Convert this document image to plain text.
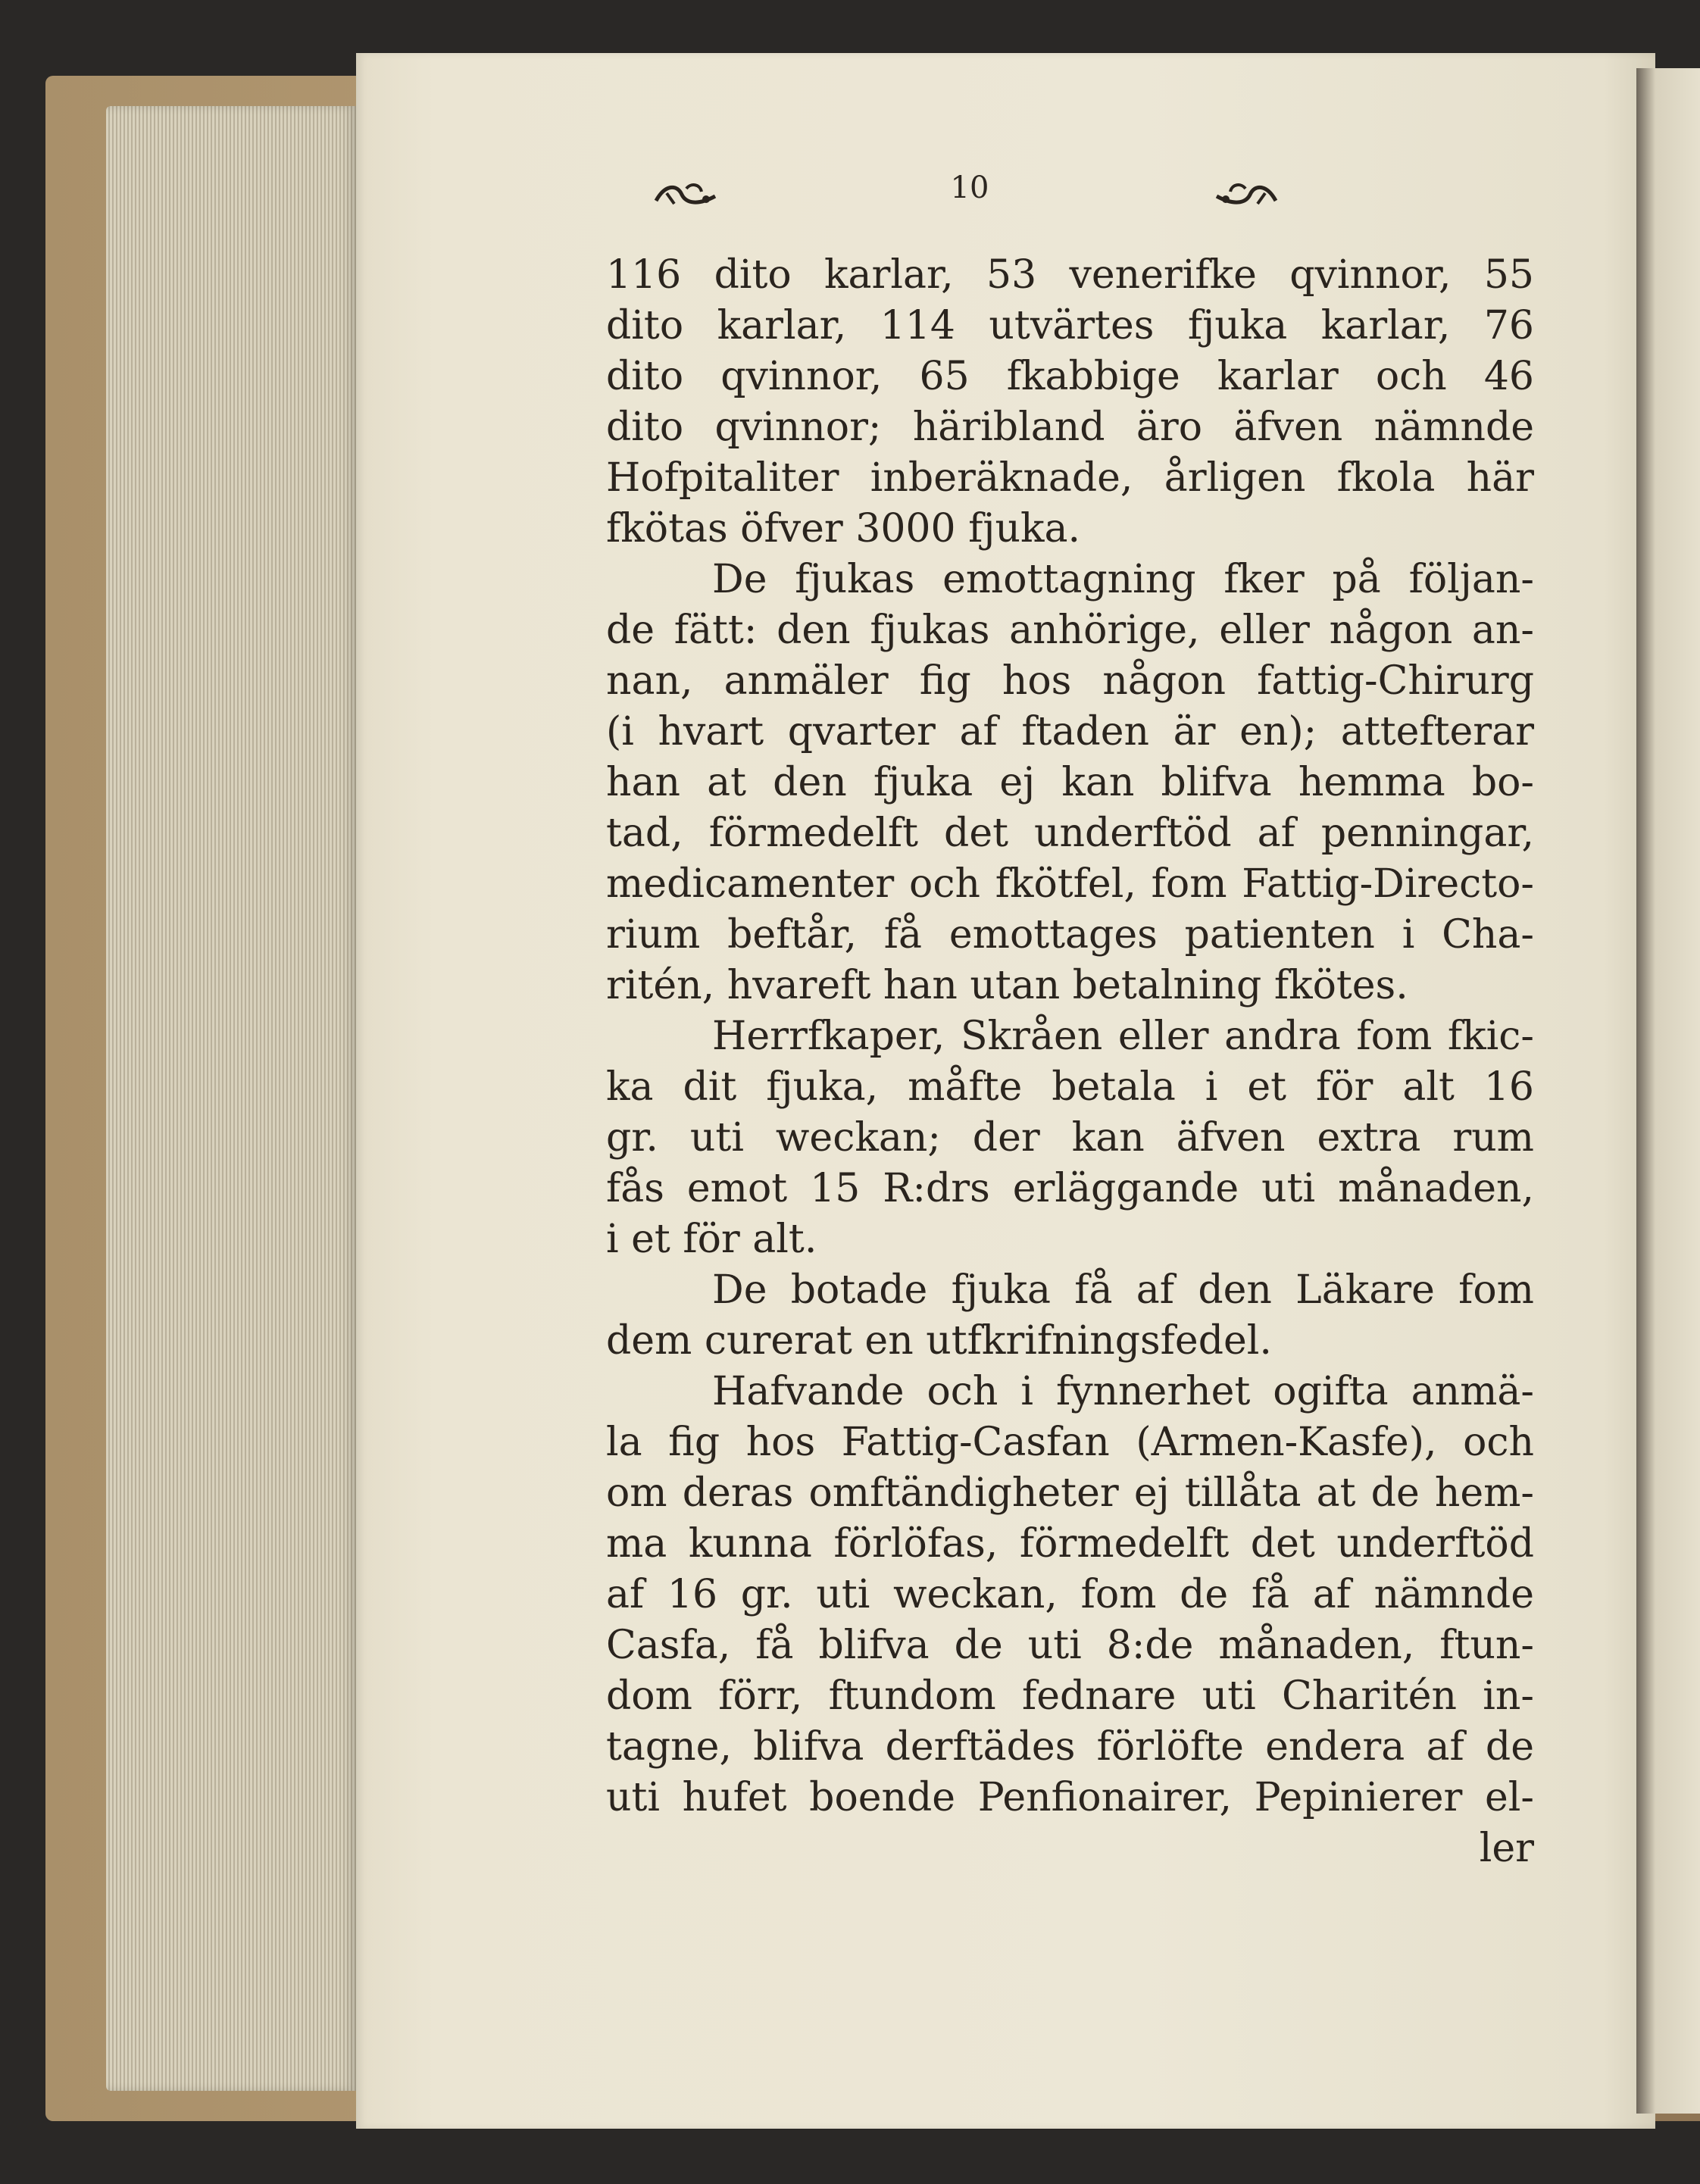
10
116 dito karlar, 53 venerifke qvinnor, 55
dito karlar, 114 utvärtes fjuka karlar, 76
dito qvinnor, 65 fkabbige karlar och 46
dito qvinnor; häribland äro äfven nämnde
Hofpitaliter inberäknade, årligen fkola här
fkötas öfver 3000 fjuka.
De fjukas emottagning fker på följan-
de fätt: den fjukas anhörige, eller någon an-
nan, anmäler fig hos någon fattig-Chirurg
(i hvart qvarter af ftaden är en); attefterar
han at den fjuka ej kan blifva hemma bo-
tad, förmedelft det underftöd af penningar,
medicamenter och fkötfel, fom Fattig-Directo-
rium beftår, få emottages patienten i Cha-
ritén, hvareft han utan betalning fkötes.
Herrfkaper, Skråen eller andra fom fkic-
ka dit fjuka, måfte betala i et för alt 16
gr. uti weckan; der kan äfven extra rum
fås emot 15 R:drs erläggande uti månaden,
i et för alt.
De botade fjuka få af den Läkare fom
dem curerat en utfkrifningsfedel.
Hafvande och i fynnerhet ogifta anmä-
la fig hos Fattig-Casfan (Armen-Kasfe), och
om deras omftändigheter ej tillåta at de hem-
ma kunna förlöfas, förmedelft det underftöd
af 16 gr. uti weckan, fom de få af nämnde
Casfa, få blifva de uti 8:de månaden, ftun-
dom förr, ftundom fednare uti Charitén in-
tagne, blifva derftädes förlöfte endera af de
uti hufet boende Penfionairer, Pepinierer el-
ler
